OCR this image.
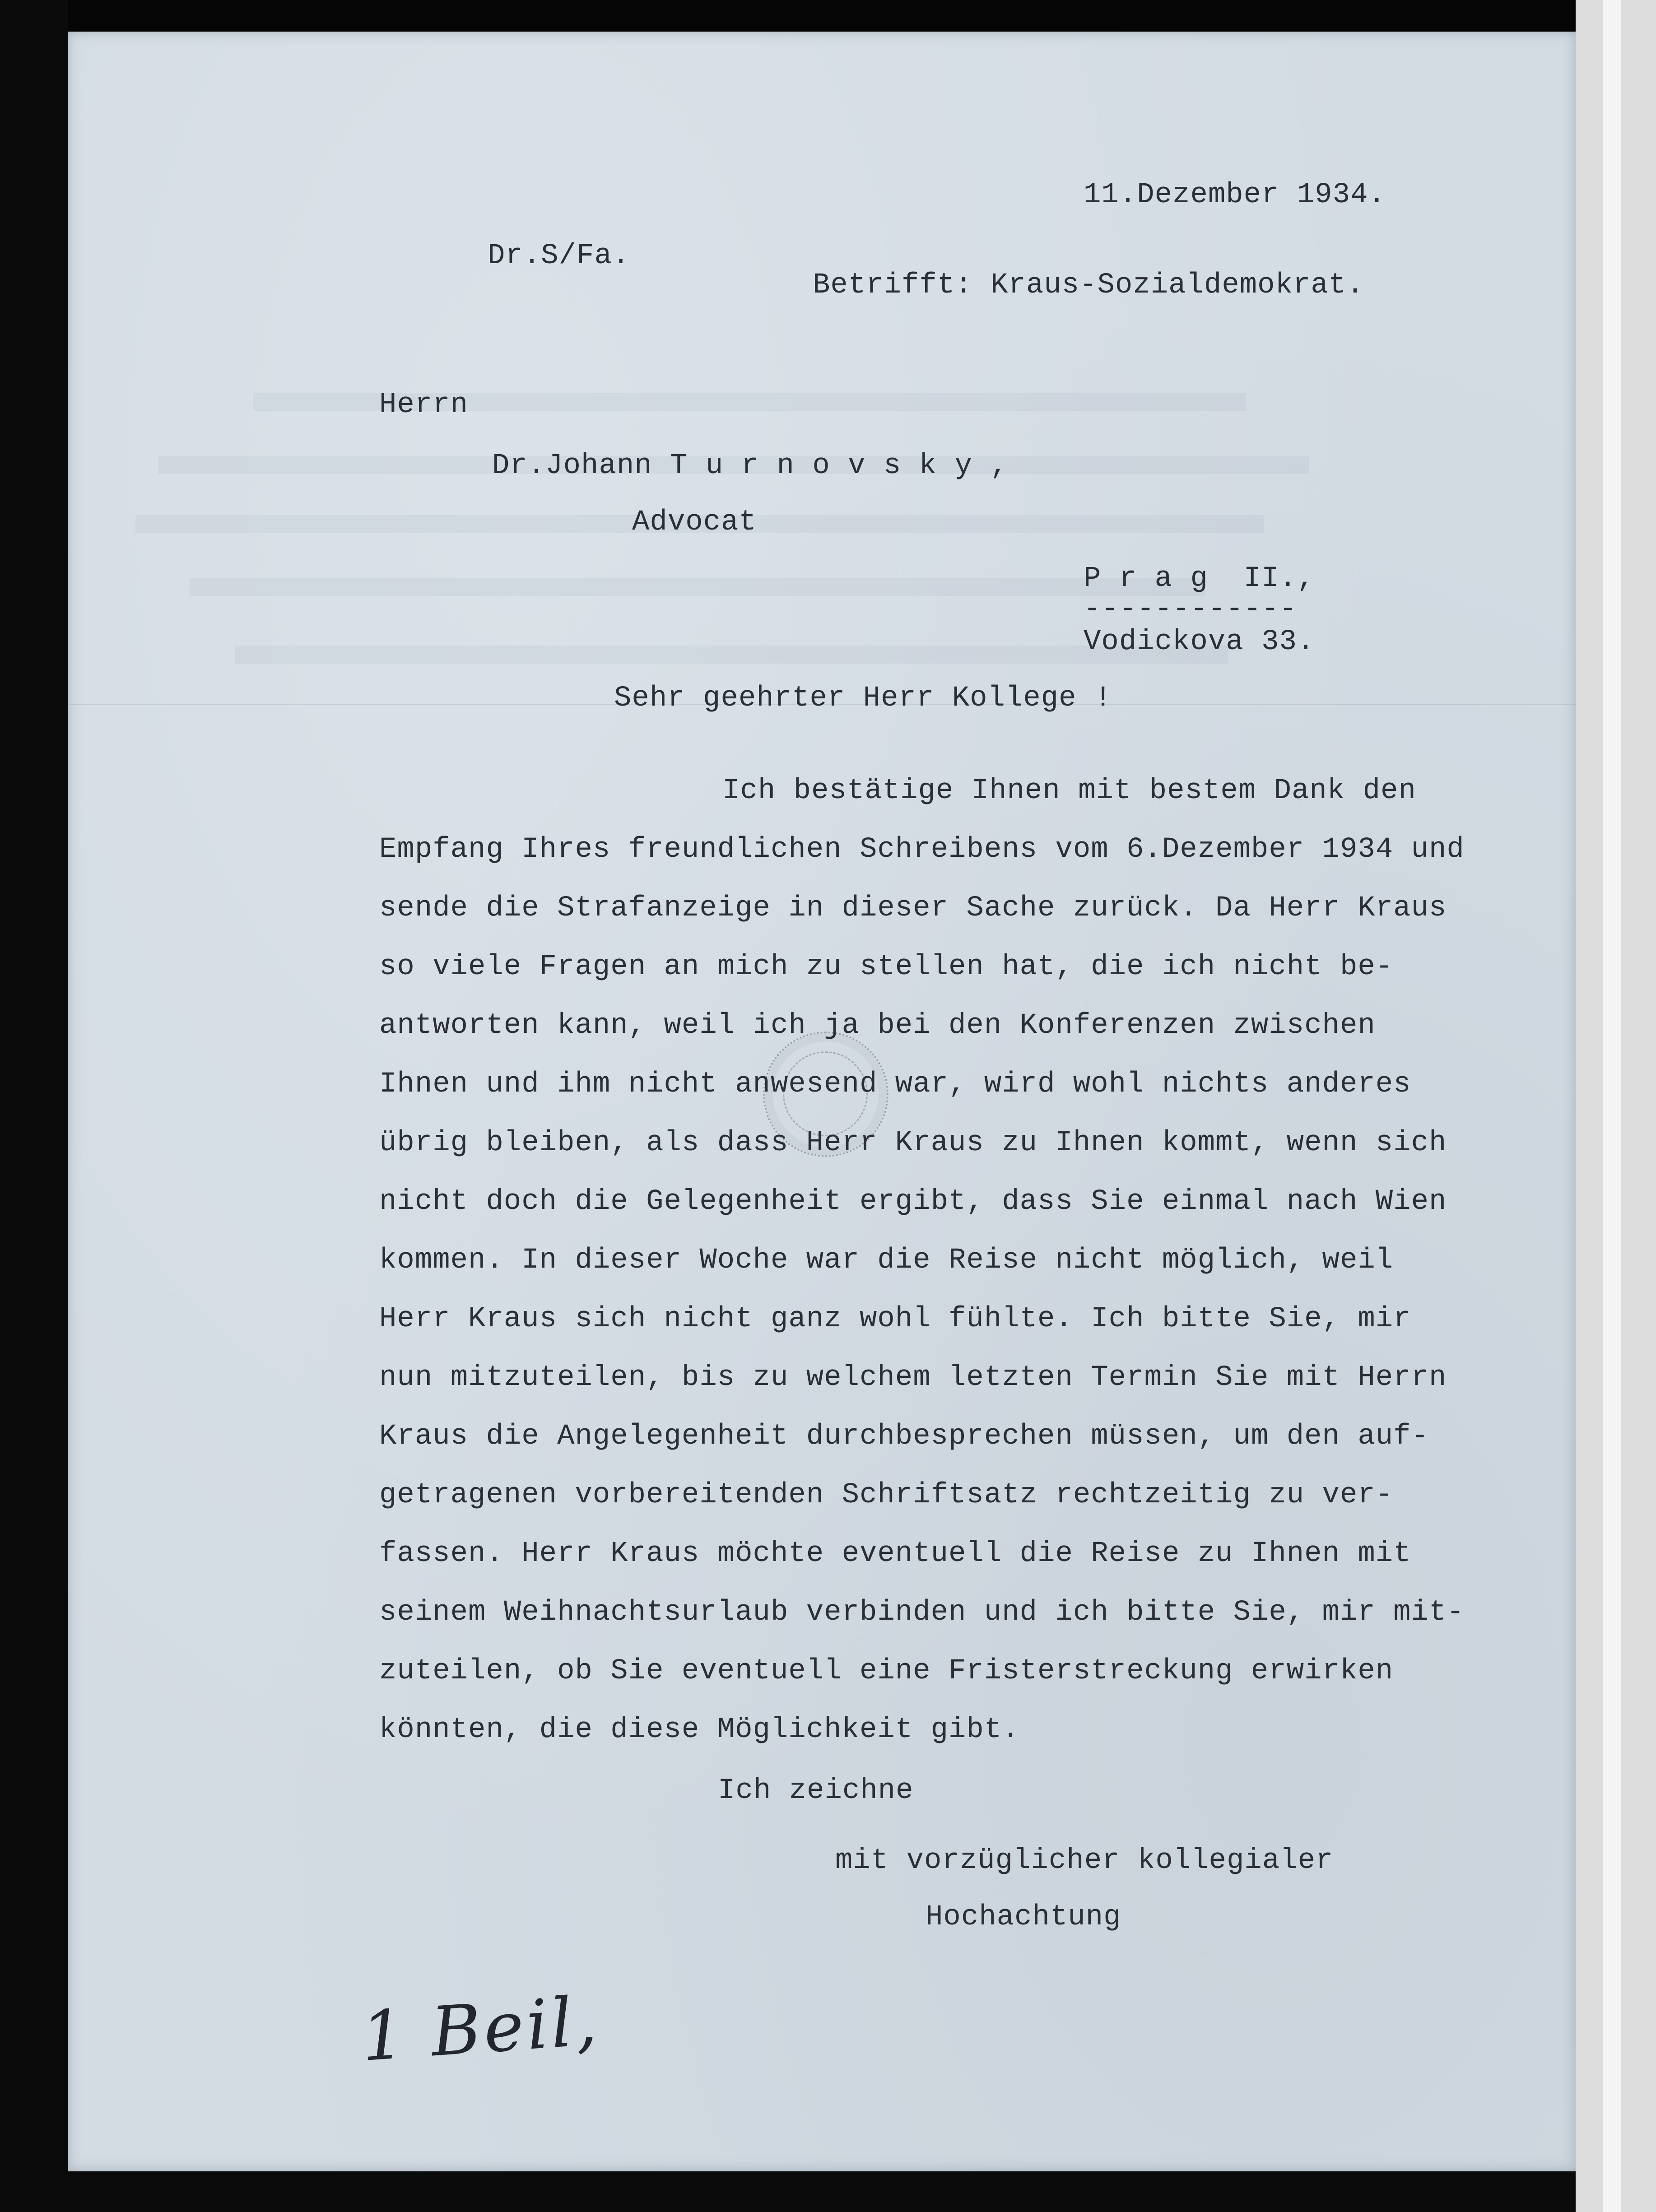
11.Dezember 1934.

Dr.S/Fa.

Betrifft: Kraus-Sozialdemokrat.

Herrn

Dr.Johann T u r n o v s k y ,

Advocat

P r a g  II.,

------------

Vodickova 33.

Sehr geehrter Herr Kollege !

Ich bestätige Ihnen mit bestem Dank den

Empfang Ihres freundlichen Schreibens vom 6.Dezember 1934 und

sende die Strafanzeige in dieser Sache zurück. Da Herr Kraus

so viele Fragen an mich zu stellen hat, die ich nicht be-

antworten kann, weil ich ja bei den Konferenzen zwischen

Ihnen und ihm nicht anwesend war, wird wohl nichts anderes

übrig bleiben, als dass Herr Kraus zu Ihnen kommt, wenn sich

nicht doch die Gelegenheit ergibt, dass Sie einmal nach Wien

kommen. In dieser Woche war die Reise nicht möglich, weil

Herr Kraus sich nicht ganz wohl fühlte. Ich bitte Sie, mir

nun mitzuteilen, bis zu welchem letzten Termin Sie mit Herrn

Kraus die Angelegenheit durchbesprechen müssen, um den auf-

getragenen vorbereitenden Schriftsatz rechtzeitig zu ver-

fassen. Herr Kraus möchte eventuell die Reise zu Ihnen mit

seinem Weihnachtsurlaub verbinden und ich bitte Sie, mir mit-

zuteilen, ob Sie eventuell eine Fristerstreckung erwirken

könnten, die diese Möglichkeit gibt.

Ich zeichne

mit vorzüglicher kollegialer

Hochachtung

1 Beil,
